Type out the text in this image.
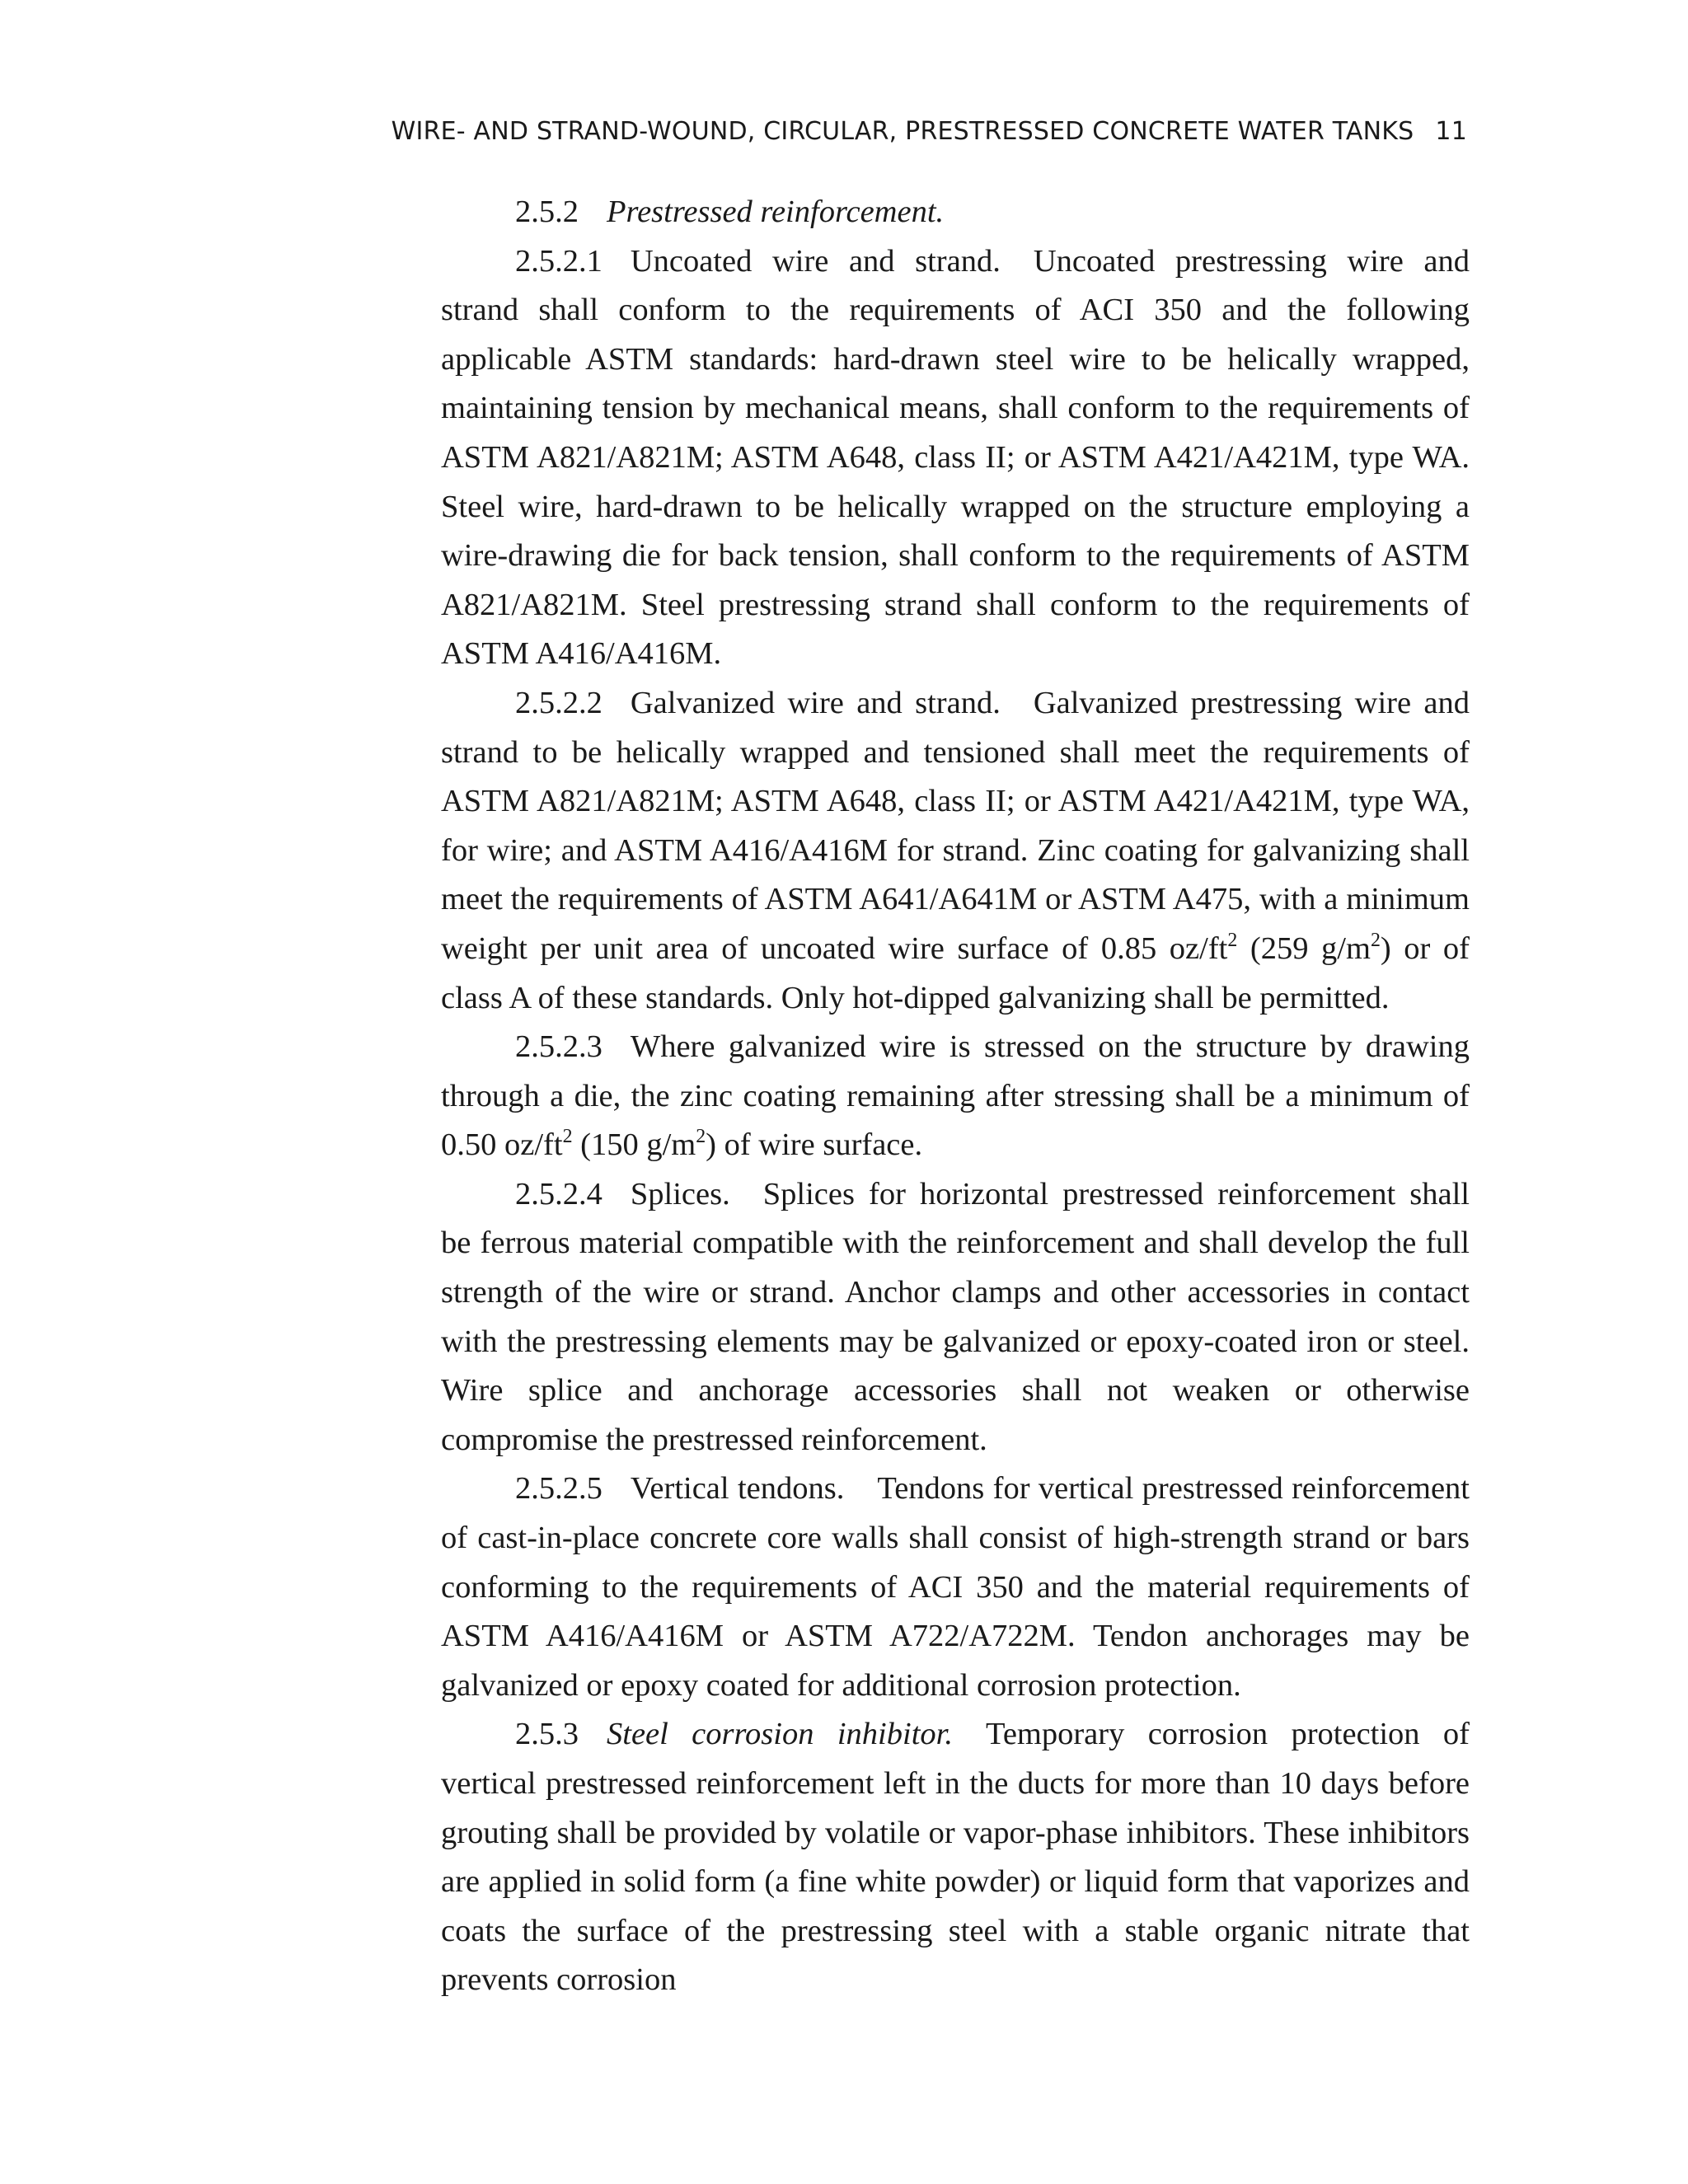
WIRE- AND STRAND-WOUND, CIRCULAR, PRESTRESSED CONCRETE WATER TANKS 11

2.5.2 Prestressed reinforcement.

2.5.2.1 Uncoated wire and strand. Uncoated prestressing wire and strand shall conform to the requirements of ACI 350 and the following applicable ASTM standards: hard-drawn steel wire to be helically wrapped, maintaining tension by mechanical means, shall conform to the requirements of ASTM A821/A821M; ASTM A648, class II; or ASTM A421/A421M, type WA. Steel wire, hard-drawn to be helically wrapped on the structure employing a wire-drawing die for back tension, shall conform to the requirements of ASTM A821/A821M. Steel prestressing strand shall conform to the requirements of ASTM A416/A416M.

2.5.2.2 Galvanized wire and strand. Galvanized prestressing wire and strand to be helically wrapped and tensioned shall meet the requirements of ASTM A821/A821M; ASTM A648, class II; or ASTM A421/A421M, type WA, for wire; and ASTM A416/A416M for strand. Zinc coating for galvanizing shall meet the requirements of ASTM A641/A641M or ASTM A475, with a minimum weight per unit area of uncoated wire surface of 0.85 $oz/ft^2$ (259 $g/m^2$) or of class A of these standards. Only hot-dipped galvanizing shall be permitted.

2.5.2.3 Where galvanized wire is stressed on the structure by drawing through a die, the zinc coating remaining after stressing shall be a minimum of 0.50 $oz/ft^2$ (150 $g/m^2$) of wire surface.

2.5.2.4 Splices. Splices for horizontal prestressed reinforcement shall be ferrous material compatible with the reinforcement and shall develop the full strength of the wire or strand. Anchor clamps and other accessories in contact with the prestressing elements may be galvanized or epoxy-coated iron or steel. Wire splice and anchorage accessories shall not weaken or otherwise compromise the prestressed reinforcement.

2.5.2.5 Vertical tendons. Tendons for vertical prestressed reinforcement of cast-in-place concrete core walls shall consist of high-strength strand or bars conforming to the requirements of ACI 350 and the material requirements of ASTM A416/A416M or ASTM A722/A722M. Tendon anchorages may be galvanized or epoxy coated for additional corrosion protection.

2.5.3 Steel corrosion inhibitor. Temporary corrosion protection of vertical prestressed reinforcement left in the ducts for more than 10 days before grouting shall be provided by volatile or vapor-phase inhibitors. These inhibitors are applied in solid form (a fine white powder) or liquid form that vaporizes and coats the surface of the prestressing steel with a stable organic nitrate that prevents corrosion
